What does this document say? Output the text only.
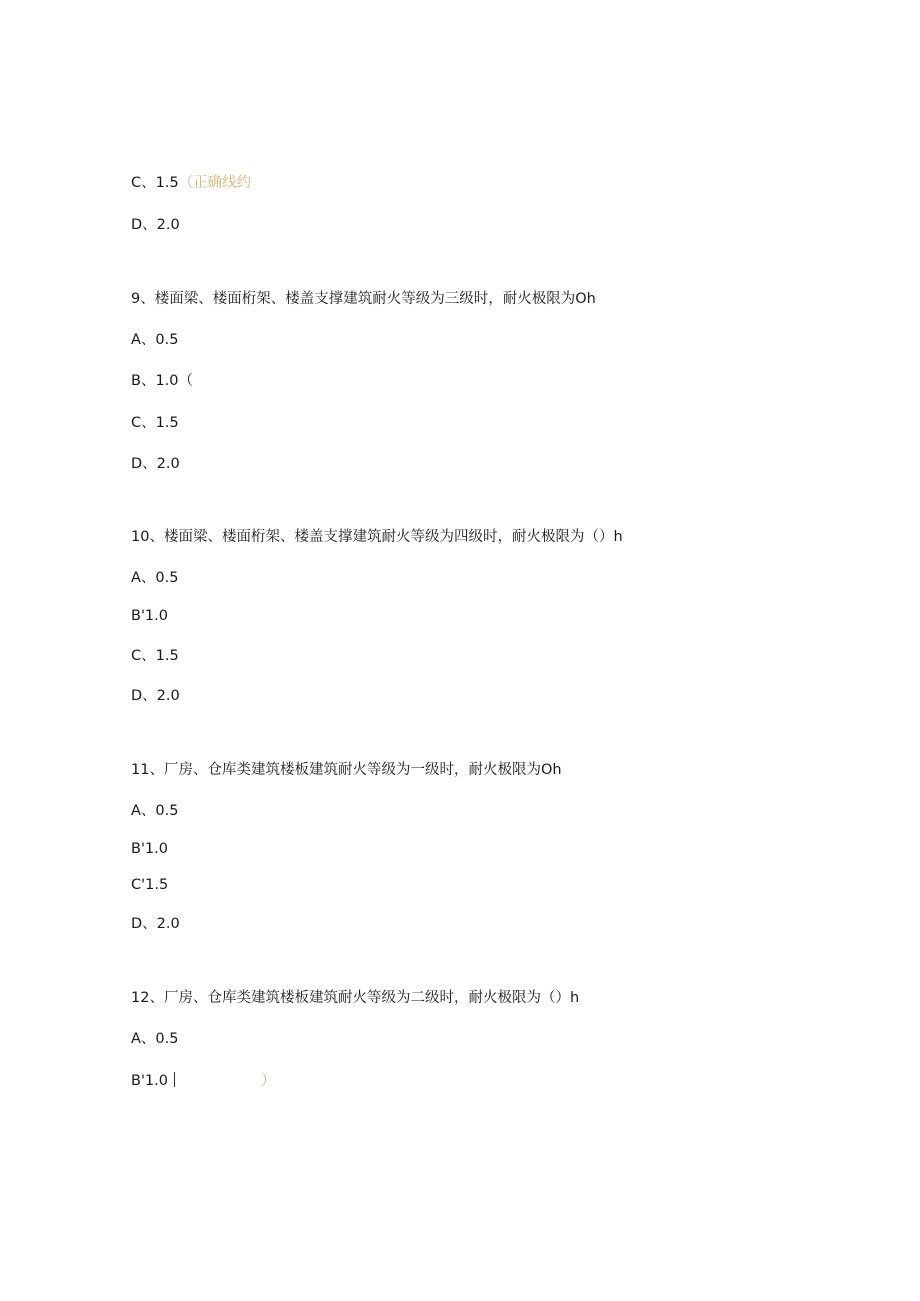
C、1.5（正确线约
D、2.0
9、楼面梁、楼面桁架、楼盖支撑建筑耐火等级为三级时，耐火极限为Oh
A、0.5
B、1.0（
C、1.5
D、2.0
10、楼面梁、楼面桁架、楼盖支撑建筑耐火等级为四级时，耐火极限为（）h
A、0.5
B'1.0
C、1.5
D、2.0
11、厂房、仓库类建筑楼板建筑耐火等级为一级时，耐火极限为Oh
A、0.5
B'1.0
C'1.5
D、2.0
12、厂房、仓库类建筑楼板建筑耐火等级为二级时，耐火极限为（）h
A、0.5
B'1.0	）
